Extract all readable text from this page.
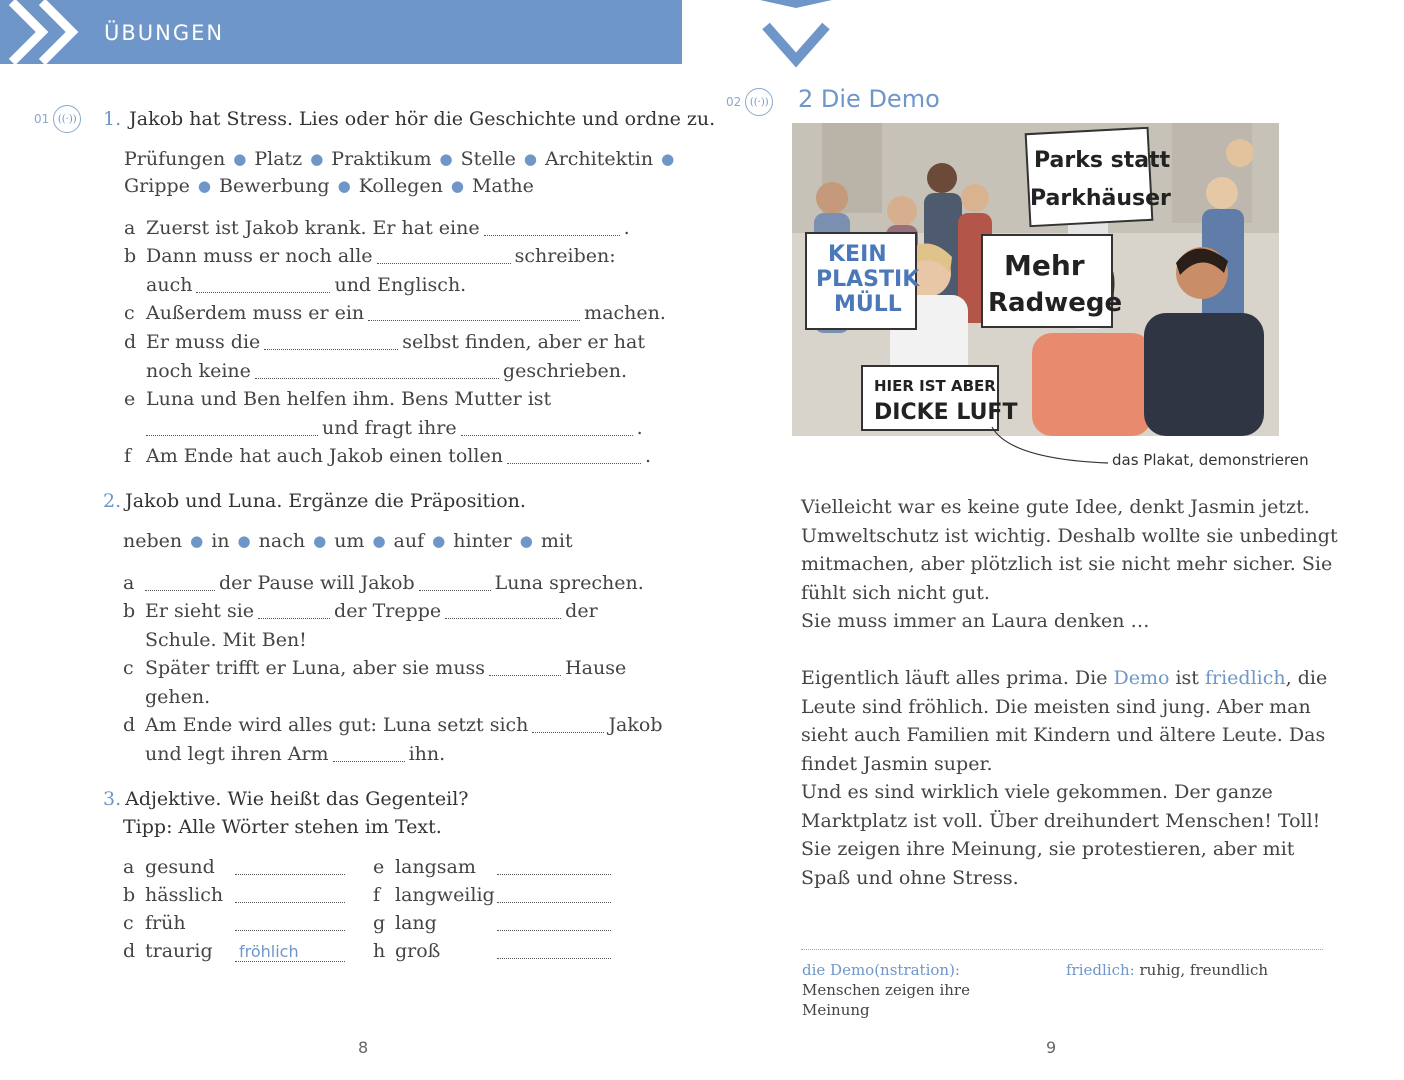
ÜBUNGEN
01 ((·)) 1. Jakob hat Stress. Lies oder hör die Geschichte und ordne zu.
Prüfungen ● Platz ● Praktikum ● Stelle ● Architektin ●
Grippe ● Bewerbung ● Kollegen ● Mathe
a Zuerst ist Jakob krank. Er hat eine	.
b Dann muss er noch alle	schreiben:
auch	und Englisch.
c Außerdem muss er ein	machen.
d Er muss die	selbst finden, aber er hat
noch keine	geschrieben.
e Luna und Ben helfen ihm. Bens Mutter ist
und fragt ihre	.
f Am Ende hat auch Jakob einen tollen	.
2. Jakob und Luna. Ergänze die Präposition.
neben ● in ● nach ● um ● auf ● hinter ● mit
a	der Pause will Jakob	Luna sprechen.
b Er sieht sie	der Treppe	der
Schule. Mit Ben!
c Später trifft er Luna, aber sie muss	Hause
gehen.
d Am Ende wird alles gut: Luna setzt sich	Jakob
und legt ihren Arm	ihn.
3. Adjektive. Wie heißt das Gegenteil?
Tipp: Alle Wörter stehen im Text.
a gesund
b hässlich
c früh
d traurig fröhlich
e langsam
f langweilig
g lang
h groß
8
02 ((·)) 2 Die Demo
KEIN
PLASTIK
MÜLL
Parks statt
Parkhäuser
Mehr
Radwege
HIER IST ABER
DICKE LUFT
das Plakat, demonstrieren
Vielleicht war es keine gute Idee, denkt Jasmin jetzt. Umweltschutz ist wichtig. Deshalb wollte sie unbedingt mitmachen, aber plötzlich ist sie nicht mehr sicher. Sie fühlt sich nicht gut.
Sie muss immer an Laura denken …
Eigentlich läuft alles prima. Die Demo ist friedlich, die Leute sind fröhlich. Die meisten sind jung. Aber man sieht auch Familien mit Kindern und ältere Leute. Das findet Jasmin super.
Und es sind wirklich viele gekommen. Der ganze Marktplatz ist voll. Über dreihundert Menschen! Toll! Sie zeigen ihre Meinung, sie protestieren, aber mit Spaß und ohne Stress.
die Demo(nstration): Menschen zeigen ihre Meinung
friedlich: ruhig, freundlich
9
